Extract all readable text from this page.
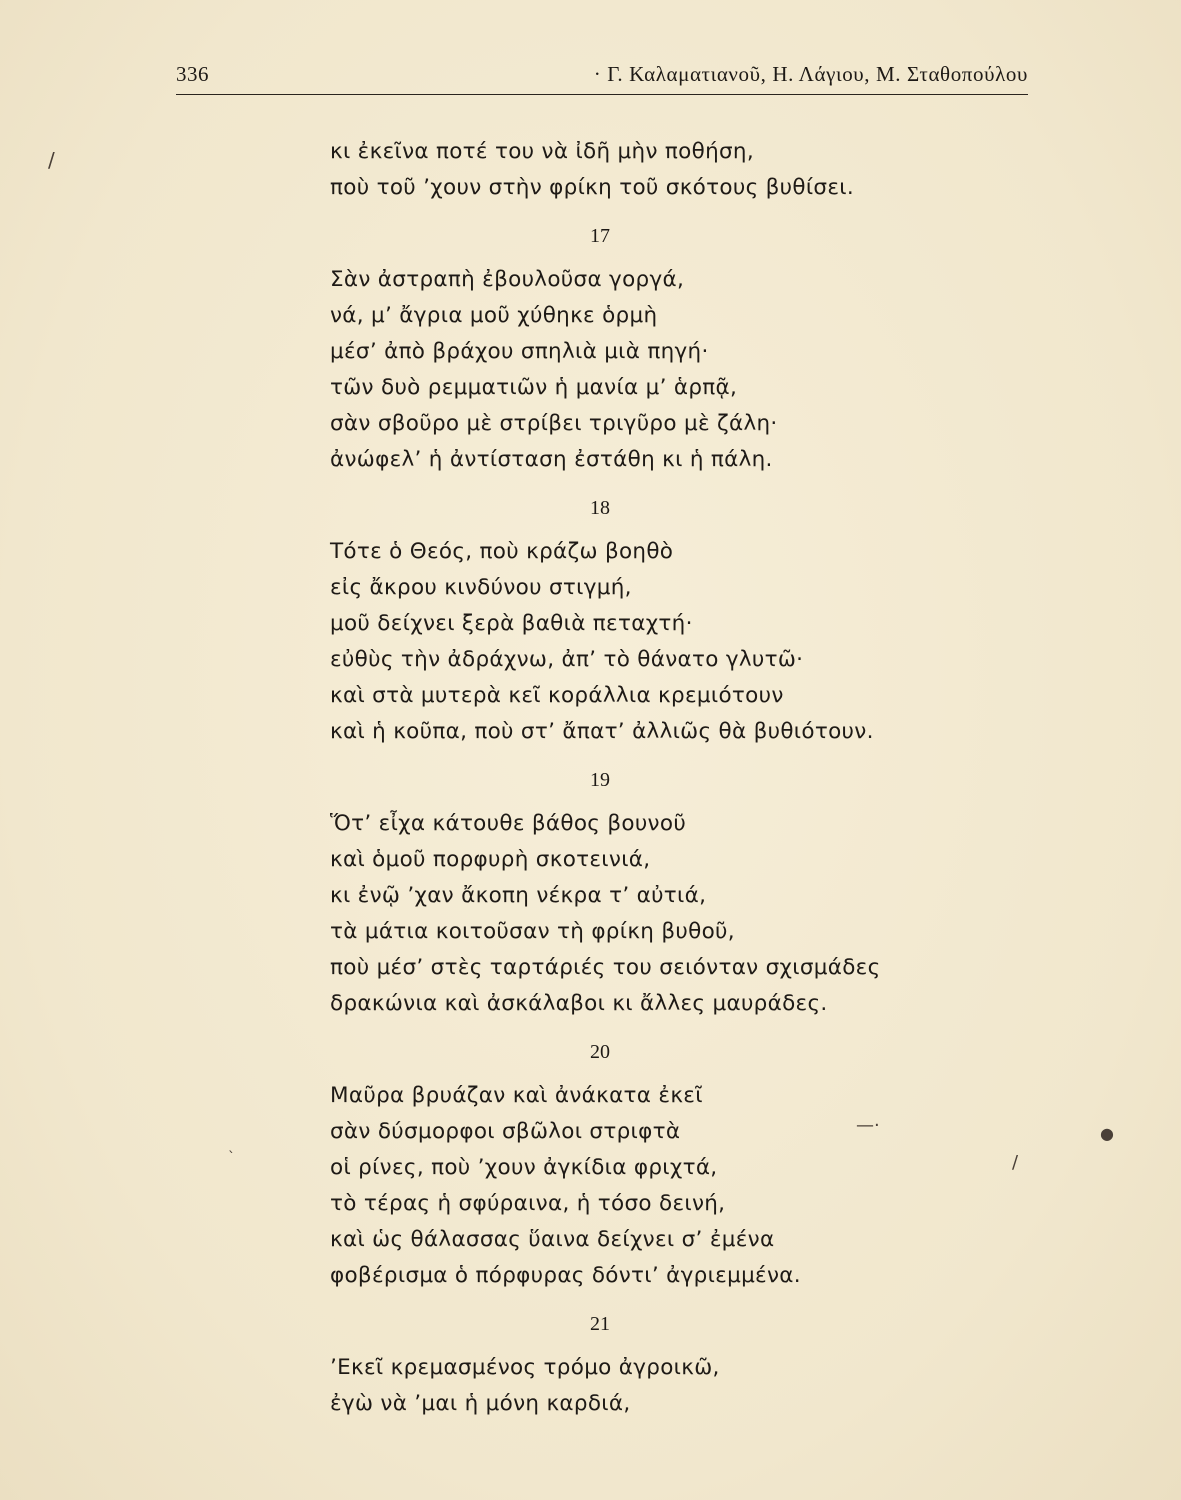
336	· Γ. Καλαματιανοῦ, Η. Λάγιου, Μ. Σταθοπούλου
κι ἐκεῖνα ποτέ του νὰ ἰδῆ μὴν ποθήση,
ποὺ τοῦ ’χουν στὴν φρίκη τοῦ σκότους βυθίσει.
17
Σὰν ἀστραπὴ ἐβουλοῦσα γοργά,
νά, μ’ ἄγρια μοῦ χύθηκε ὁρμὴ
μέσ’ ἀπὸ βράχου σπηλιὰ μιὰ πηγή·
τῶν δυὸ ρεμματιῶν ἡ μανία μ’ ἁρπᾷ,
σὰν σβοῦρο μὲ στρίβει τριγῦρο μὲ ζάλη·
ἀνώφελ’ ἡ ἀντίσταση ἐστάθη κι ἡ πάλη.
18
Τότε ὁ Θεός, ποὺ κράζω βοηθὸ
εἰς ἄκρου κινδύνου στιγμή,
μοῦ δείχνει ξερὰ βαθιὰ πεταχτή·
εὐθὺς τὴν ἀδράχνω, ἀπ’ τὸ θάνατο γλυτῶ·
καὶ στὰ μυτερὰ κεῖ κοράλλια κρεμιότουν
καὶ ἡ κοῦπα, ποὺ στ’ ἄπατ’ ἀλλιῶς θὰ βυθιότουν.
19
Ὅτ’ εἶχα κάτουθε βάθος βουνοῦ
καὶ ὁμοῦ πορφυρὴ σκοτεινιά,
κι ἐνῷ ’χαν ἄκοπη νέκρα τ’ αὐτιά,
τὰ μάτια κοιτοῦσαν τὴ φρίκη βυθοῦ,
ποὺ μέσ’ στὲς ταρτάριές του σειόνταν σχισμάδες
δρακώνια καὶ ἀσκάλαβοι κι ἄλλες μαυράδες.
20
Μαῦρα βρυάζαν καὶ ἀνάκατα ἐκεῖ
σὰν δύσμορφοι σβῶλοι στριφτὰ
οἱ ρίνες, ποὺ ’χουν ἀγκίδια φριχτά,
τὸ τέρας ἡ σφύραινα, ἡ τόσο δεινή,
καὶ ὡς θάλασσας ὕαινα δείχνει σ’ ἐμένα
φοβέρισμα ὁ πόρφυρας δόντι’ ἀγριεμμένα.
21
’Εκεῖ κρεμασμένος τρόμο ἀγροικῶ,
ἐγὼ νὰ ’μαι ἡ μόνη καρδιά,
/
—·	●
/
`
